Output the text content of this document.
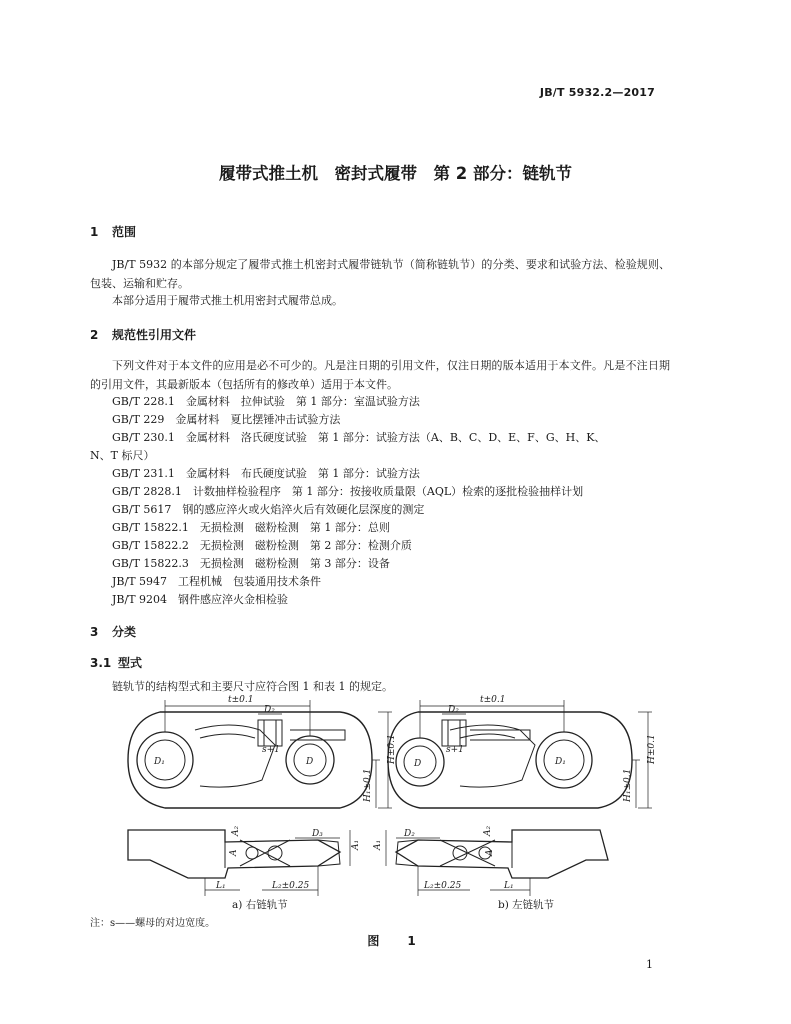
JB/T 5932.2—2017
履带式推土机　密封式履带　第 2 部分：链轨节
1 范围
JB/T 5932 的本部分规定了履带式推土机密封式履带链轨节（简称链轨节）的分类、要求和试验方法、检验规则、包装、运输和贮存。
本部分适用于履带式推土机用密封式履带总成。
2 规范性引用文件
下列文件对于本文件的应用是必不可少的。凡是注日期的引用文件，仅注日期的版本适用于本文件。凡是不注日期的引用文件，其最新版本（包括所有的修改单）适用于本文件。
GB/T 228.1　金属材料　拉伸试验　第 1 部分：室温试验方法
GB/T 229　金属材料　夏比摆锤冲击试验方法
GB/T 230.1　金属材料　洛氏硬度试验　第 1 部分：试验方法（A、B、C、D、E、F、G、H、K、
N、T 标尺）
GB/T 231.1　金属材料　布氏硬度试验　第 1 部分：试验方法
GB/T 2828.1　计数抽样检验程序　第 1 部分：按接收质量限（AQL）检索的逐批检验抽样计划
GB/T 5617　钢的感应淬火或火焰淬火后有效硬化层深度的测定
GB/T 15822.1　无损检测　磁粉检测　第 1 部分：总则
GB/T 15822.2　无损检测　磁粉检测　第 2 部分：检测介质
GB/T 15822.3　无损检测　磁粉检测　第 3 部分：设备
JB/T 5947　工程机械　包装通用技术条件
JB/T 9204　钢件感应淬火金相检验
3 分类
3.1 型式
链轨节的结构型式和主要尺寸应符合图 1 和表 1 的规定。
t±0.1
D₂
s+1
D₁	D	H±0.1
H₁±0.1
D₃
A₁
A₂
A
L₁	L₂±0.25
t±0.1
D₂
s+1
D₁
D	H±0.1
H₁±0.1
D₂
A₁
A₂
A
L₂±0.25	L₁
a) 右链轨节	b) 左链轨节
注：s——螺母的对边宽度。
图　1
1
